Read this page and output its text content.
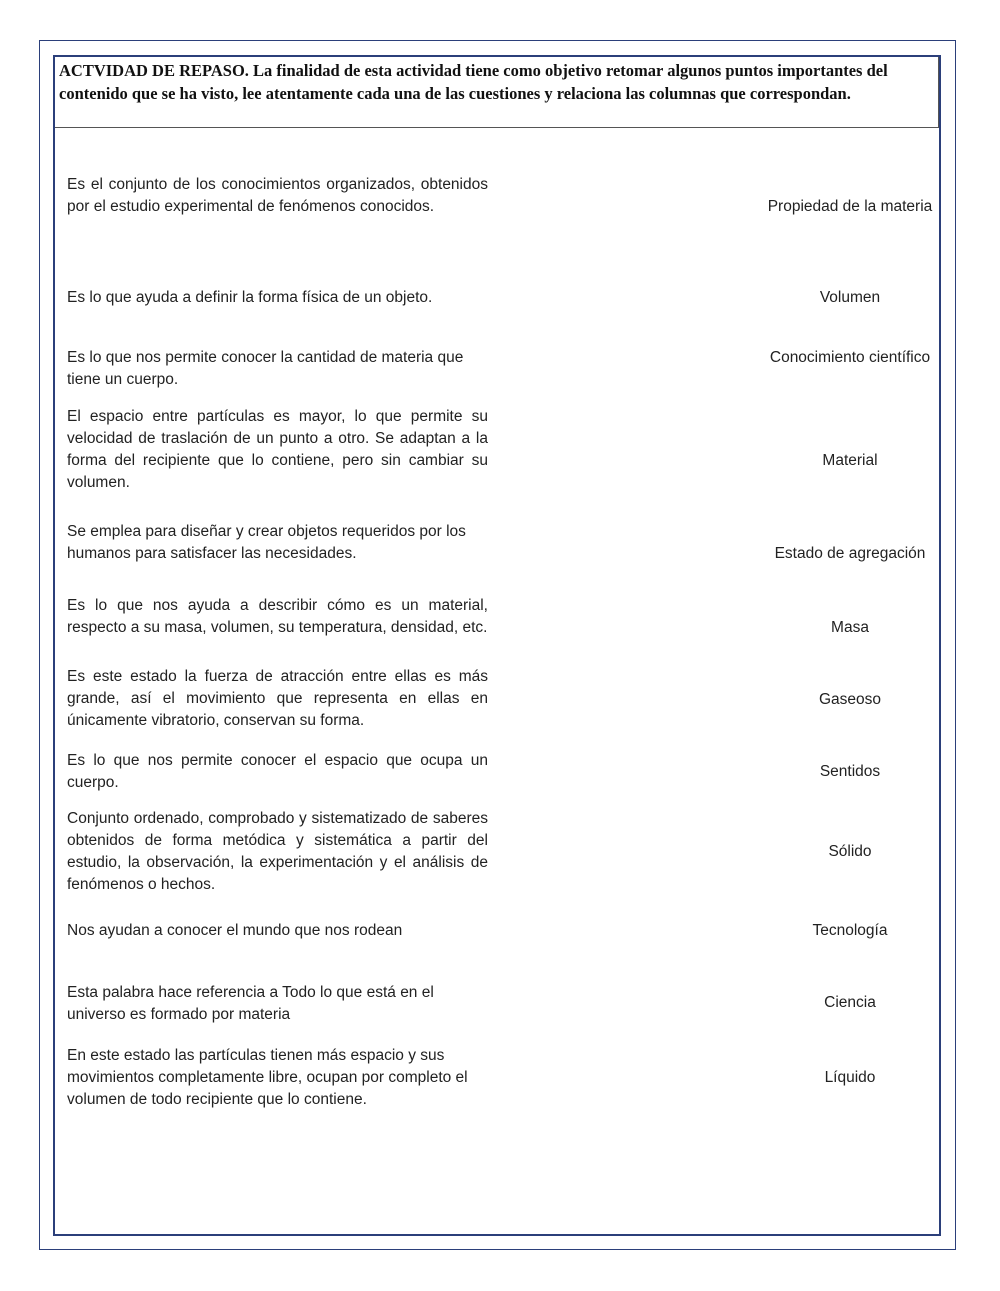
ACTVIDAD DE REPASO. La finalidad de esta actividad tiene como objetivo retomar algunos puntos importantes del contenido que se ha visto, lee atentamente cada una de las cuestiones y relaciona las columnas que correspondan.

Es el conjunto de los conocimientos organizados, obtenidos por el estudio experimental de fenómenos conocidos.

Es lo que ayuda a definir la forma física de un objeto.

Es lo que nos permite conocer la cantidad de materia que tiene un cuerpo.

El espacio entre partículas es mayor, lo que permite su velocidad de traslación de un punto a otro. Se adaptan a la forma del recipiente que lo contiene, pero sin cambiar su volumen.

Se emplea para diseñar y crear objetos requeridos por los humanos para satisfacer las necesidades.

Es lo que nos ayuda a describir cómo es un material, respecto a su masa, volumen, su temperatura, densidad, etc.

Es este estado la fuerza de atracción entre ellas es más grande, así el movimiento que representa en ellas en únicamente vibratorio, conservan su forma.

Es lo que nos permite conocer el espacio que ocupa un cuerpo.

Conjunto ordenado, comprobado y sistematizado de saberes obtenidos de forma metódica y sistemática a partir del estudio, la observación, la experimentación y el análisis de fenómenos o hechos.

Nos ayudan a conocer el mundo que nos rodean

Esta palabra hace referencia a Todo lo que está en el universo es formado por materia

En este estado las partículas tienen más espacio y sus movimientos completamente libre, ocupan por completo el volumen de todo recipiente que lo contiene.

Propiedad de la materia

Volumen

Conocimiento científico

Material

Estado de agregación

Masa

Gaseoso

Sentidos

Sólido

Tecnología

Ciencia

Líquido
